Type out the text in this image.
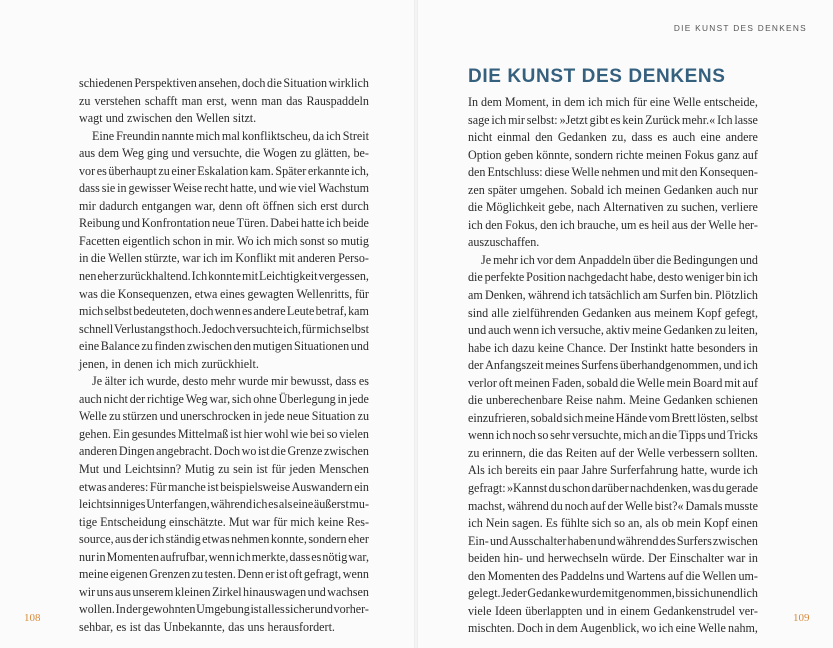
schiedenen Perspektiven ansehen, doch die Situation wirklich
zu verstehen schafft man erst, wenn man das Rauspaddeln
wagt und zwischen den Wellen sitzt.
Eine Freundin nannte mich mal konfliktscheu, da ich Streit
aus dem Weg ging und versuchte, die Wogen zu glätten, be-
vor es überhaupt zu einer Eskalation kam. Später erkannte ich,
dass sie in gewisser Weise recht hatte, und wie viel Wachstum
mir dadurch entgangen war, denn oft öffnen sich erst durch
Reibung und Konfrontation neue Türen. Dabei hatte ich beide
Facetten eigentlich schon in mir. Wo ich mich sonst so mutig
in die Wellen stürzte, war ich im Konflikt mit anderen Perso-
nen eher zurückhaltend. Ich konnte mit Leichtigkeit vergessen,
was die Konsequenzen, etwa eines gewagten Wellenritts, für
mich selbst bedeuteten, doch wenn es andere Leute betraf, kam
schnell Verlustangst hoch. Jedoch versuchte ich, für mich selbst
eine Balance zu finden zwischen den mutigen Situationen und
jenen, in denen ich mich zurückhielt.
Je älter ich wurde, desto mehr wurde mir bewusst, dass es
auch nicht der richtige Weg war, sich ohne Überlegung in jede
Welle zu stürzen und unerschrocken in jede neue Situation zu
gehen. Ein gesundes Mittelmaß ist hier wohl wie bei so vielen
anderen Dingen angebracht. Doch wo ist die Grenze zwischen
Mut und Leichtsinn? Mutig zu sein ist für jeden Menschen
etwas anderes: Für manche ist beispielsweise Auswandern ein
leichtsinniges Unterfangen, während ich es als eine äußerst mu-
tige Entscheidung einschätzte. Mut war für mich keine Res-
source, aus der ich ständig etwas nehmen konnte, sondern eher
nur in Momenten aufrufbar, wenn ich merkte, dass es nötig war,
meine eigenen Grenzen zu testen. Denn er ist oft gefragt, wenn
wir uns aus unserem kleinen Zirkel hinauswagen und wachsen
wollen. In der gewohnten Umgebung ist alles sicher und vorher-
sehbar, es ist das Unbekannte, das uns herausfordert.
108
DIE KUNST DES DENKENS
DIE KUNST DES DENKENS
In dem Moment, in dem ich mich für eine Welle entscheide,
sage ich mir selbst: »Jetzt gibt es kein Zurück mehr.« Ich lasse
nicht einmal den Gedanken zu, dass es auch eine andere
Option geben könnte, sondern richte meinen Fokus ganz auf
den Entschluss: diese Welle nehmen und mit den Konsequen-
zen später umgehen. Sobald ich meinen Gedanken auch nur
die Möglichkeit gebe, nach Alternativen zu suchen, verliere
ich den Fokus, den ich brauche, um es heil aus der Welle her-
auszuschaffen.
Je mehr ich vor dem Anpaddeln über die Bedingungen und
die perfekte Position nachgedacht habe, desto weniger bin ich
am Denken, während ich tatsächlich am Surfen bin. Plötzlich
sind alle zielführenden Gedanken aus meinem Kopf gefegt,
und auch wenn ich versuche, aktiv meine Gedanken zu leiten,
habe ich dazu keine Chance. Der Instinkt hatte besonders in
der Anfangszeit meines Surfens überhandgenommen, und ich
verlor oft meinen Faden, sobald die Welle mein Board mit auf
die unberechenbare Reise nahm. Meine Gedanken schienen
einzufrieren, sobald sich meine Hände vom Brett lösten, selbst
wenn ich noch so sehr versuchte, mich an die Tipps und Tricks
zu erinnern, die das Reiten auf der Welle verbessern sollten.
Als ich bereits ein paar Jahre Surferfahrung hatte, wurde ich
gefragt: »Kannst du schon darüber nachdenken, was du gerade
machst, während du noch auf der Welle bist?« Damals musste
ich Nein sagen. Es fühlte sich so an, als ob mein Kopf einen
Ein- und Ausschalter haben und während des Surfers zwischen
beiden hin- und herwechseln würde. Der Einschalter war in
den Momenten des Paddelns und Wartens auf die Wellen um-
gelegt. Jeder Gedanke wurde mitgenommen, bis sich unendlich
viele Ideen überlappten und in einem Gedankenstrudel ver-
mischten. Doch in dem Augenblick, wo ich eine Welle nahm,
109
